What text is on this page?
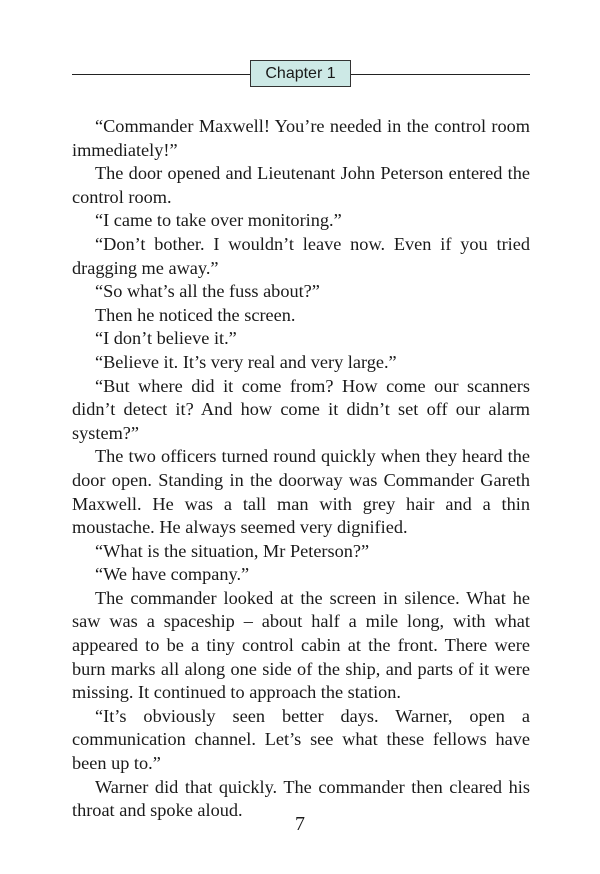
Chapter 1

“Commander Maxwell! You’re needed in the control room immediately!”

The door opened and Lieutenant John Peterson entered the control room.

“I came to take over monitoring.”

“Don’t bother. I wouldn’t leave now. Even if you tried dragging me away.”

“So what’s all the fuss about?”

Then he noticed the screen.

“I don’t believe it.”

“Believe it. It’s very real and very large.”

“But where did it come from? How come our scanners didn’t detect it? And how come it didn’t set off our alarm system?”

The two officers turned round quickly when they heard the door open. Standing in the doorway was Commander Gareth Maxwell. He was a tall man with grey hair and a thin moustache. He always seemed very dignified.

“What is the situation, Mr Peterson?”

“We have company.”

The commander looked at the screen in silence. What he saw was a spaceship – about half a mile long, with what appeared to be a tiny control cabin at the front. There were burn marks all along one side of the ship, and parts of it were missing. It continued to approach the station.

“It’s obviously seen better days. Warner, open a communication channel. Let’s see what these fellows have been up to.”

Warner did that quickly. The commander then cleared his throat and spoke aloud.

7
